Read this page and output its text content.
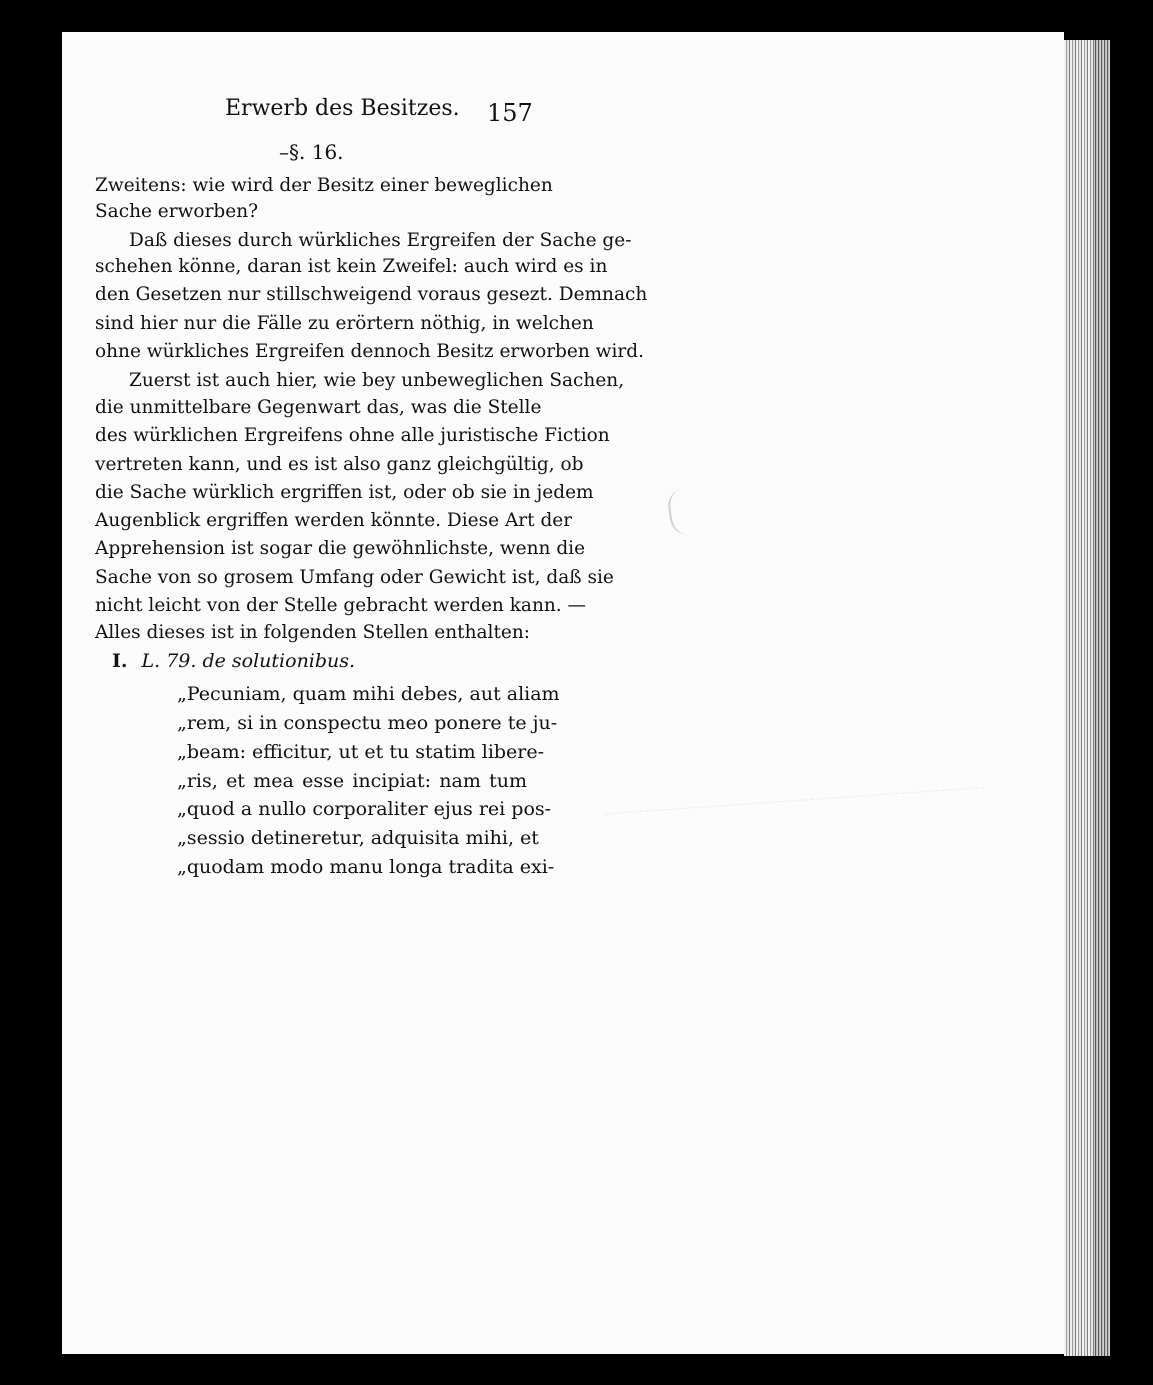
Erwerb des Besitzes. 157
–§. 16.
Zweitens: wie wird der Besitz einer beweglichen
Sache erworben?
Daß dieses durch würkliches Ergreifen der Sache ge-
schehen könne, daran ist kein Zweifel: auch wird es in
den Gesetzen nur stillschweigend voraus gesezt. Demnach
sind hier nur die Fälle zu erörtern nöthig, in welchen
ohne würkliches Ergreifen dennoch Besitz erworben wird.
Zuerst ist auch hier, wie bey unbeweglichen Sachen,
die unmittelbare Gegenwart das, was die Stelle
des würklichen Ergreifens ohne alle juristische Fiction
vertreten kann, und es ist also ganz gleichgültig, ob
die Sache würklich ergriffen ist, oder ob sie in jedem
Augenblick ergriffen werden könnte. Diese Art der
Apprehension ist sogar die gewöhnlichste, wenn die
Sache von so grosem Umfang oder Gewicht ist, daß sie
nicht leicht von der Stelle gebracht werden kann. —
Alles dieses ist in folgenden Stellen enthalten:
I. L. 79. de solutionibus.
„Pecuniam, quam mihi debes, aut aliam
„rem, si in conspectu meo ponere te ju-
„beam: efficitur, ut et tu statim libere-
„ris, et mea esse incipiat: nam tum
„quod a nullo corporaliter ejus rei pos-
„sessio detineretur, adquisita mihi, et
„quodam modo manu longa tradita exi-
